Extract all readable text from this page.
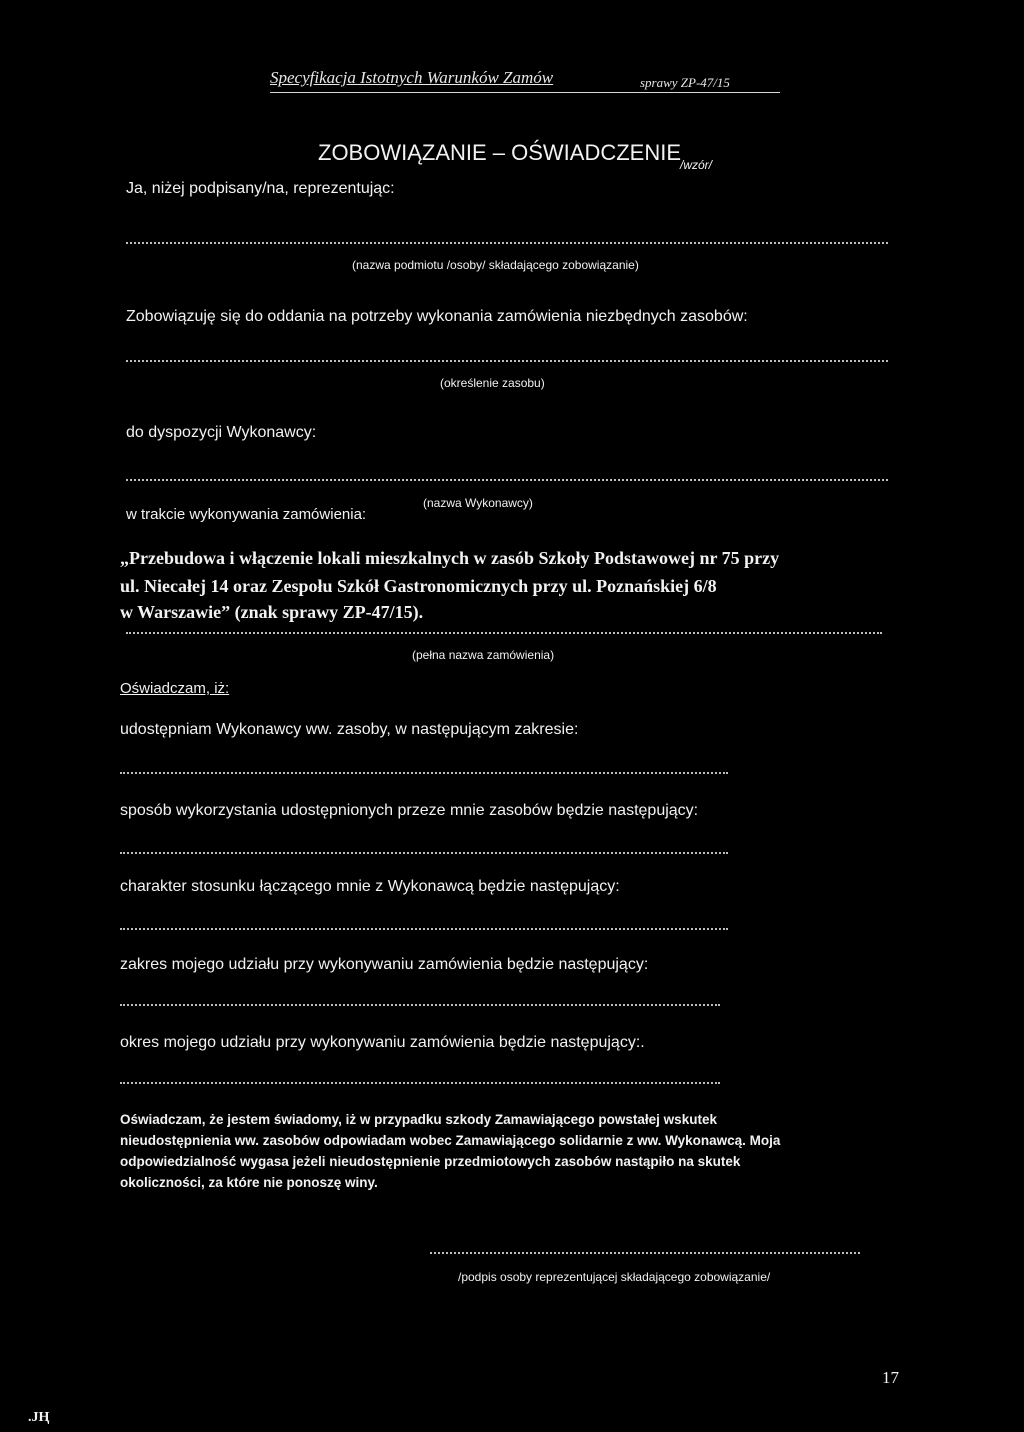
Specyfikacja Istotnych Warunków Zamów	sprawy ZP-47/15
ZOBOWIĄZANIE – OŚWIADCZENIE
/wzór/
Ja, niżej podpisany/na, reprezentując:
(nazwa podmiotu /osoby/ składającego zobowiązanie)
Zobowiązuję się do oddania na potrzeby wykonania zamówienia niezbędnych zasobów:
(określenie zasobu)
do dyspozycji Wykonawcy:
(nazwa Wykonawcy)
w trakcie wykonywania zamówienia:
„Przebudowa i włączenie lokali mieszkalnych w zasób Szkoły Podstawowej nr 75 przy
ul. Niecałej 14 oraz Zespołu Szkół Gastronomicznych przy ul. Poznańskiej 6/8
w Warszawie” (znak sprawy ZP-47/15).
(pełna nazwa zamówienia)
Oświadczam, iż:
udostępniam Wykonawcy ww. zasoby, w następującym zakresie:
sposób wykorzystania udostępnionych przeze mnie zasobów będzie następujący:
charakter stosunku łączącego mnie z Wykonawcą będzie następujący:
zakres mojego udziału przy wykonywaniu zamówienia będzie następujący:
okres mojego udziału przy wykonywaniu zamówienia będzie następujący:.
Oświadczam, że jestem świadomy, iż w przypadku szkody Zamawiającego powstałej wskutek
nieudostępnienia ww. zasobów odpowiadam wobec Zamawiającego solidarnie z ww. Wykonawcą. Moja
odpowiedzialność wygasa jeżeli nieudostępnienie przedmiotowych zasobów nastąpiło na skutek
okoliczności, za które nie ponoszę winy.
/podpis osoby reprezentującej składającego zobowiązanie/
17
.ЈҢ
